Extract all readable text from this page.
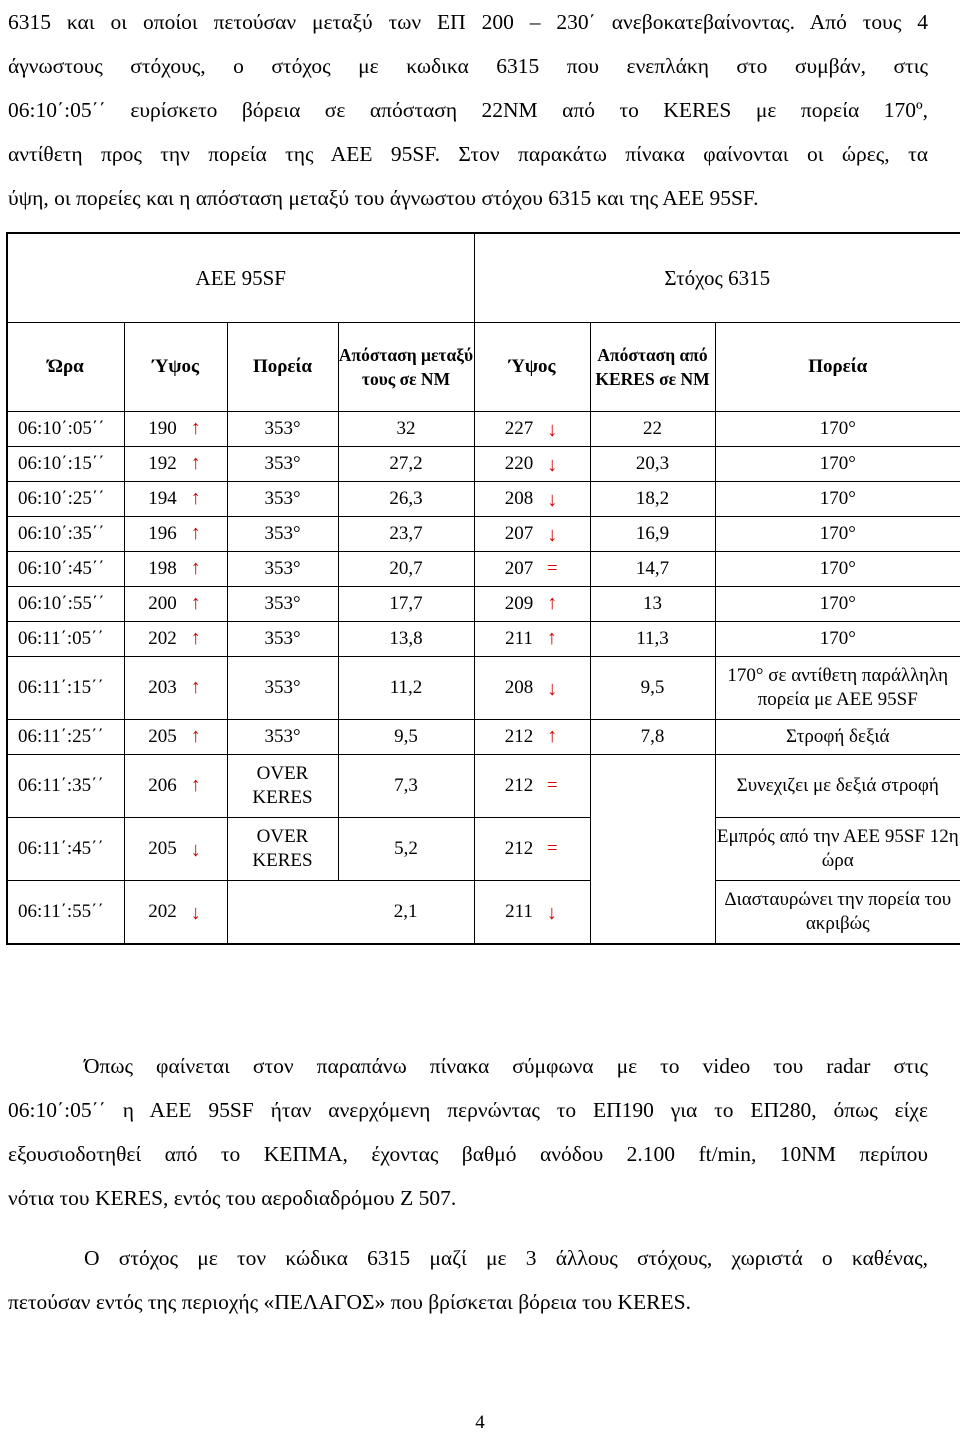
6315 και οι οποίοι πετούσαν μεταξύ των ΕΠ 200 – 230΄ ανεβοκατεβαίνοντας. Από τους 4
άγνωστους στόχους, ο στόχος με κωδικα 6315 που ενεπλάκη στο συμβάν, στις
06:10΄:05΄΄ ευρίσκετο βόρεια σε απόσταση 22NM από το KERES με πορεία 170º,
αντίθετη προς την πορεία της ΑΕΕ 95SF. Στον παρακάτω πίνακα φαίνονται οι ώρες, τα
ύψη, οι πορείες και η απόσταση μεταξύ του άγνωστου στόχου 6315 και της ΑΕΕ 95SF.
ΑΕΕ 95SF				Στόχος 6315		
Ώρα	Ύψος	Πορεία	Απόσταση μεταξύ τους σε NM	Ύψος	Απόσταση από KERES σε NM	Πορεία
06:10΄:05΄΄	190 ↑	353°	32	227 ↓	22	170°
06:10΄:15΄΄	192 ↑	353°	27,2	220 ↓	20,3	170°
06:10΄:25΄΄	194 ↑	353°	26,3	208 ↓	18,2	170°
06:10΄:35΄΄	196 ↑	353°	23,7	207 ↓	16,9	170°
06:10΄:45΄΄	198 ↑	353°	20,7	207 =	14,7	170°
06:10΄:55΄΄	200 ↑	353°	17,7	209 ↑	13	170°
06:11΄:05΄΄	202 ↑	353°	13,8	211 ↑	11,3	170°
06:11΄:15΄΄	203 ↑	353°	11,2	208 ↓	9,5	170° σε αντίθετη παράλληλη πορεία με ΑΕΕ 95SF
06:11΄:25΄΄	205 ↑	353°	9,5	212 ↑	7,8	Στροφή δεξιά
06:11΄:35΄΄	206 ↑	OVER KERES	7,3	212 =		Συνεχιζει με δεξιά στροφή
06:11΄:45΄΄	205 ↓	OVER KERES	5,2	212 =		Εμπρός από την ΑΕΕ 95SF 12η ώρα
06:11΄:55΄΄	202 ↓	2,1		211 ↓		Διασταυρώνει την πορεία του ακριβώς
Όπως φαίνεται στον παραπάνω πίνακα σύμφωνα με το video του radar στις
06:10΄:05΄΄ η ΑΕΕ 95SF ήταν ανερχόμενη περνώντας το ΕΠ190 για το ΕΠ280, όπως είχε
εξουσιοδοτηθεί από το ΚΕΠΜΑ, έχοντας βαθμό ανόδου 2.100 ft/min, 10NM περίπου
νότια του KERES, εντός του αεροδιαδρόμου Z 507.
Ο στόχος με τον κώδικα 6315 μαζί με 3 άλλους στόχους, χωριστά ο καθένας,
πετούσαν εντός της περιοχής «ΠΕΛΑΓΟΣ» που βρίσκεται βόρεια του KERES.
4
